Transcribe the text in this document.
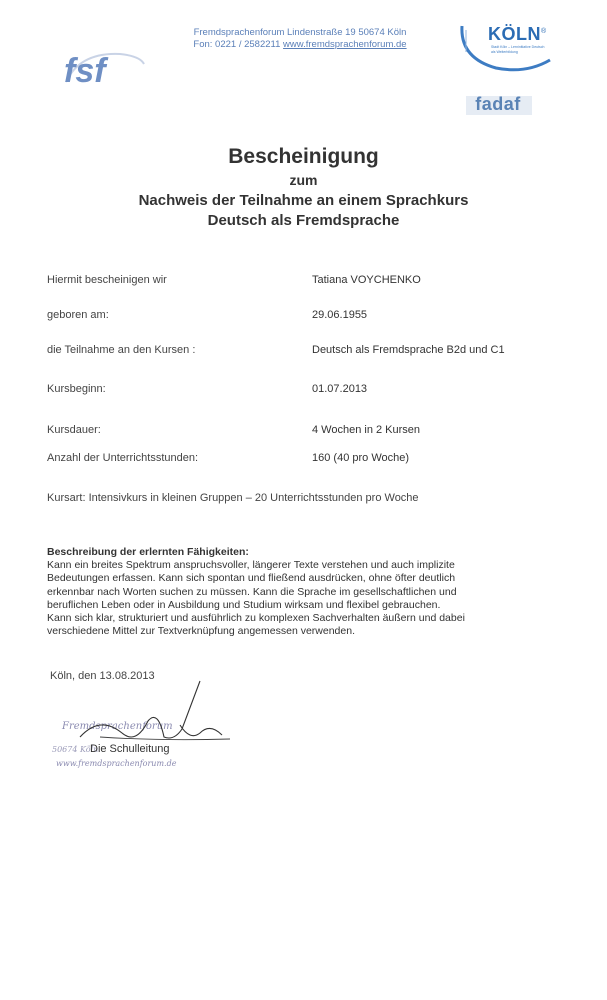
Fremdsprachenforum Lindenstraße 19 50674 Köln
Fon: 0221 / 2582211 www.fremdsprachenforum.de
fsf
KÖLN®
Stadt Köln – Lerninitiative Deutsch als Weiterbildung
fadaf
Bescheinigung
zum
Nachweis der Teilnahme an einem Sprachkurs
Deutsch als Fremdsprache
Hiermit bescheinigen wir	Tatiana VOYCHENKO
geboren am:	29.06.1955
die Teilnahme an den Kursen :	Deutsch als Fremdsprache B2d und C1
Kursbeginn:	01.07.2013
Kursdauer:	4 Wochen in 2 Kursen
Anzahl der Unterrichtsstunden:	160 (40 pro Woche)
Kursart: Intensivkurs in kleinen Gruppen – 20 Unterrichtsstunden pro Woche
Beschreibung der erlernten Fähigkeiten:
Kann ein breites Spektrum anspruchsvoller, längerer Texte verstehen und auch implizite
Bedeutungen erfassen. Kann sich spontan und fließend ausdrücken, ohne öfter deutlich
erkennbar nach Worten suchen zu müssen. Kann die Sprache im gesellschaftlichen und
beruflichen Leben oder in Ausbildung und Studium wirksam und flexibel gebrauchen.
Kann sich klar, strukturiert und ausführlich zu komplexen Sachverhalten äußern und dabei
verschiedene Mittel zur Textverknüpfung angemessen verwenden.
Köln, den 13.08.2013
Fremdsprachenforum
50674 Köln
www.fremdsprachenforum.de
Die Schulleitung
